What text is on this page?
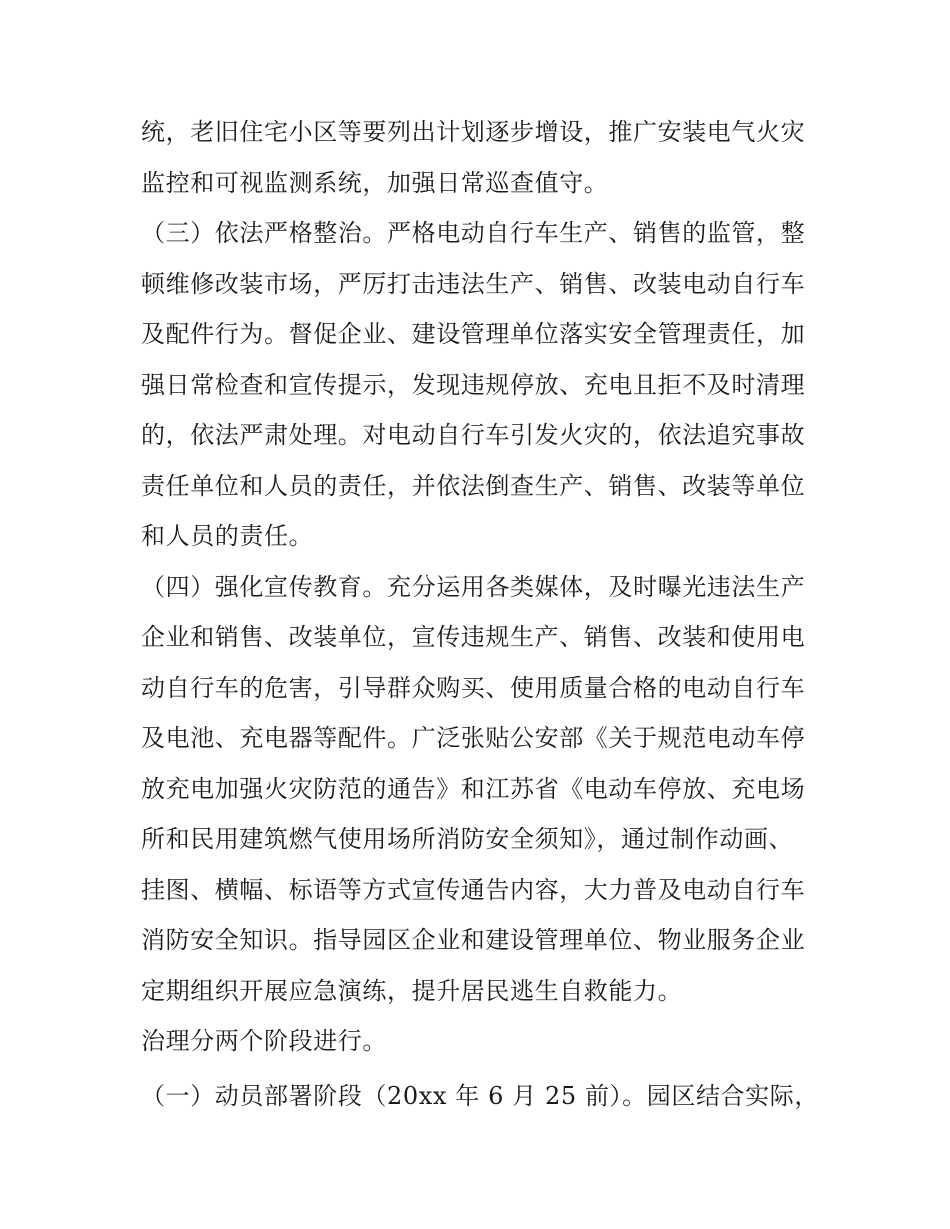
统，老旧住宅小区等要列出计划逐步增设，推广安装电气火灾
监控和可视监测系统，加强日常巡查值守。
（三）依法严格整治。严格电动自行车生产、销售的监管，整
顿维修改装市场，严厉打击违法生产、销售、改装电动自行车
及配件行为。督促企业、建设管理单位落实安全管理责任，加
强日常检查和宣传提示，发现违规停放、充电且拒不及时清理
的，依法严肃处理。对电动自行车引发火灾的，依法追究事故
责任单位和人员的责任，并依法倒查生产、销售、改装等单位
和人员的责任。
（四）强化宣传教育。充分运用各类媒体，及时曝光违法生产
企业和销售、改装单位，宣传违规生产、销售、改装和使用电
动自行车的危害，引导群众购买、使用质量合格的电动自行车
及电池、充电器等配件。广泛张贴公安部《关于规范电动车停
放充电加强火灾防范的通告》和江苏省《电动车停放、充电场
所和民用建筑燃气使用场所消防安全须知》，通过制作动画、
挂图、横幅、标语等方式宣传通告内容，大力普及电动自行车
消防安全知识。指导园区企业和建设管理单位、物业服务企业
定期组织开展应急演练，提升居民逃生自救能力。
治理分两个阶段进行。
（一）动员部署阶段（20xx 年 6 月 25 前）。园区结合实际，
